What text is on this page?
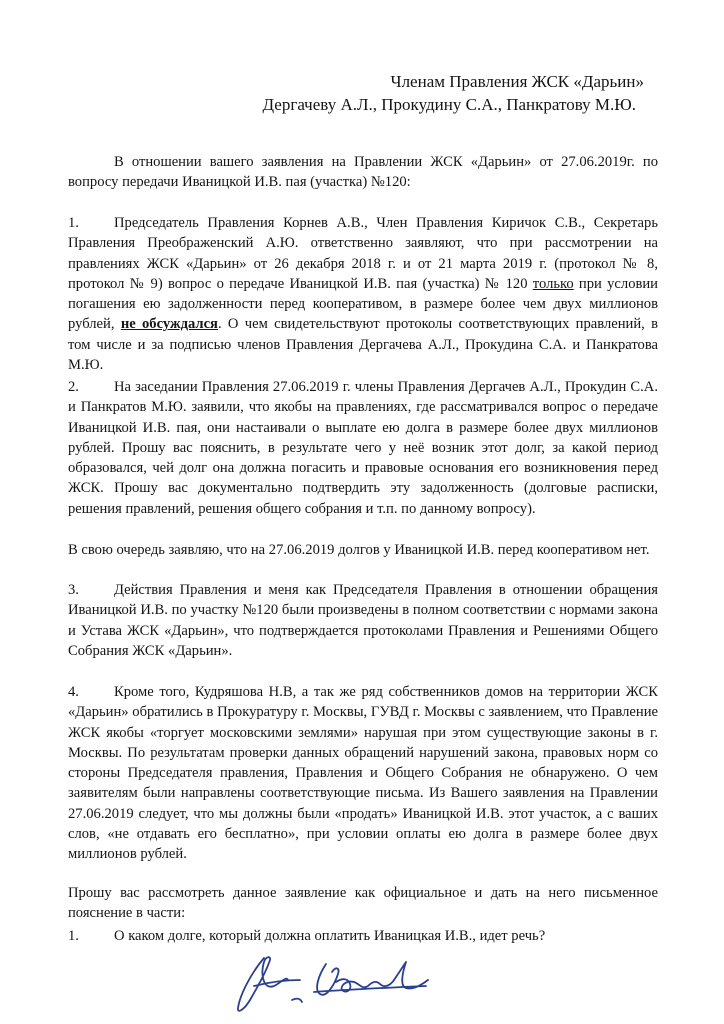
Членам Правления ЖСК «Дарьин»
Дергачеву А.Л., Прокудину С.А., Панкратову М.Ю.
В отношении вашего заявления на Правлении ЖСК «Дарьин» от 27.06.2019г. по вопросу передачи Иваницкой И.В. пая (участка) №120:
1. Председатель Правления Корнев А.В., Член Правления Киричок С.В., Секретарь Правления Преображенский А.Ю. ответственно заявляют, что при рассмотрении на правлениях ЖСК «Дарьин» от 26 декабря 2018 г. и от 21 марта 2019 г. (протокол № 8, протокол № 9) вопрос о передаче Иваницкой И.В. пая (участка) № 120 только при условии погашения ею задолженности перед кооперативом, в размере более чем двух миллионов рублей, не обсуждался. О чем свидетельствуют протоколы соответствующих правлений, в том числе и за подписью членов Правления Дергачева А.Л., Прокудина С.А. и Панкратова М.Ю.
2. На заседании Правления 27.06.2019 г. члены Правления Дергачев А.Л., Прокудин С.А. и Панкратов М.Ю. заявили, что якобы на правлениях, где рассматривался вопрос о передаче Иваницкой И.В. пая, они настаивали о выплате ею долга в размере более двух миллионов рублей. Прошу вас пояснить, в результате чего у неё возник этот долг, за какой период образовался, чей долг она должна погасить и правовые основания его возникновения перед ЖСК. Прошу вас документально подтвердить эту задолженность (долговые расписки, решения правлений, решения общего собрания и т.п. по данному вопросу).
В свою очередь заявляю, что на 27.06.2019 долгов у Иваницкой И.В. перед кооперативом нет.
3. Действия Правления и меня как Председателя Правления в отношении обращения Иваницкой И.В. по участку №120 были произведены в полном соответствии с нормами закона и Устава ЖСК «Дарьин», что подтверждается протоколами Правления и Решениями Общего Собрания ЖСК «Дарьин».
4. Кроме того, Кудряшова Н.В, а так же ряд собственников домов на территории ЖСК «Дарьин» обратились в Прокуратуру г. Москвы, ГУВД г. Москвы с заявлением, что Правление ЖСК якобы «торгует московскими землями» нарушая при этом существующие законы в г. Москвы. По результатам проверки данных обращений нарушений закона, правовых норм со стороны Председателя правления, Правления и Общего Собрания не обнаружено. О чем заявителям были направлены соответствующие письма. Из Вашего заявления на Правлении 27.06.2019 следует, что мы должны были «продать» Иваницкой И.В. этот участок, а с ваших слов, «не отдавать его бесплатно», при условии оплаты ею долга в размере более двух миллионов рублей.
Прошу вас рассмотреть данное заявление как официальное и дать на него письменное пояснение в части:
1. О каком долге, который должна оплатить Иваницкая И.В., идет речь?
